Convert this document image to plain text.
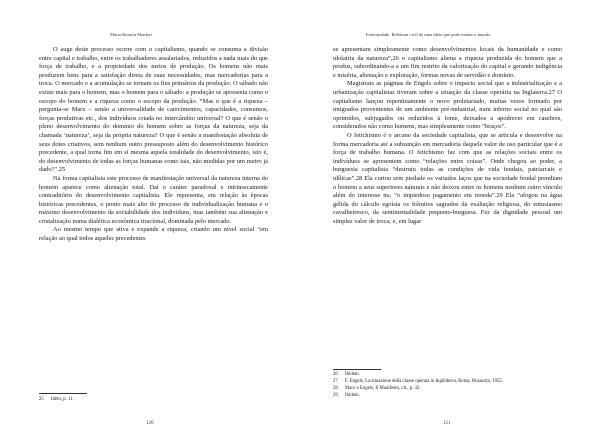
Maria Rosaria Manieri

O auge deste processo ocorre com o capitalismo, quando se consuma a divisão entre capital e trabalho, entre os trabalhadores assalariados, reduzidos a nada mais do que força de trabalho, e a propriedade dos meios de produção. Os homens não mais produzem bens para a satisfação direta de suas necessidades, mas mercadorias para a troca. O mercado e a acumulação se tornam os fins primários da produção. O sábado não existe mais para o homem, mas o homem para o sábado: a produção se apresenta como o escopo do homem e a riqueza como o escopo da produção. “Mas o que é a riqueza – pergunta-se Marx – senão a universalidade de carecimentos, capacidades, consumos, forças produtivas etc., dos indivíduos criada no intercâmbio universal? O que é senão o pleno desenvolvimento do domínio do homem sobre as forças da natureza, seja da chamada ‘natureza’, seja da própria natureza? O que é senão a manifestação absoluta de seus dotes criativos, sem nenhum outro pressuposto além do desenvolvimento histórico precedente, a qual torna fim em si mesma aquela totalidade do desenvolvimento, isto é, do desenvolvimento de todas as forças humanas como tais, não medidas por um metro já dado?”.25

Na forma capitalista este processo de manifestação universal da natureza interna do homem aparece como alienação total. Daí o caráter paradoxal e intrinsecamente contraditório do desenvolvimento capitalista. Ele representa, em relação às épocas históricas precedentes, o ponto mais alto do processo de individualização humana e o máximo desenvolvimento da sociabilidade dos indivíduos, mas também sua alienação e cristalização numa dialética econômica tiracional, dominada pelo mercado.

Ao mesmo tempo que ativa e expande a riqueza, criando um nível social “em relação ao qual todos aqueles precedentes

25 Idem, p. 11.
120
Fraternidade. Releitura civil de uma ideia que pode mudar o mundo

se apresentam simplesmente como desenvolvimentos locais da humanidade e como idolatria da natureza”,26 o capitalismo aliena a riqueza produzida do homem que a produz, subordinando-a a um fim restrito da valorização do capital e gerando indigência e miséria, alienação e exploração, formas novas de servidão e domínio.

Magistrais as páginas de Engels sobre o impacto social que a industrialização e a urbanização capitalistas tiveram sobre a situação da classe operária na Inglaterra.27 O capitalismo lançou repentinamente o novo proletariado, muitas vezes formado por imigrados provenientes de um ambiente pré-industrial, num inferno social no qual são oprimidos, subjugados ou reduzidos à fome, deixados a apodrecer em casebres, considerados não como homens, mas simplesmente como “braços”.

O fetichismo é o arcano da sociedade capitalista, que se articula e desenvolve na forma mercadoria até a subsunção em mercadoria daquele valor de uso particular que é a força de trabalho humana. O fetichismo faz com que as relações sociais entre os indivíduos se apresentem como “relações entre coisas”. Onde chegou ao poder, a burguesia capitalista “destruiu todas as condições de vida feudais, patriarcais e idílicas”.28 Ela cortou sem piedade os variados laços que na sociedade feudal prendiam o homem a seus superiores naturais e não deixou entre os homens nenhum outro vínculo além do interesse nu, “o impiedoso pagamento em moeda”.29 Ela “afogou na água gélida do cálculo egoísta os frêmitos sagrados da exaltação religiosa, do entusiasmo cavalheiresco, da sentimentalidade pequeno-burguesa. Fez da dignidade pessoal um simples valor de troca; e, em lugar

26 Ibidem.
27 F. Engels, La situazione della classe operaia in Inghilterra, Roma, Rinascita, 1955.
28 Marx e Engels, Il Manifesto, cit., p. 32.
29 Ibidem.
121
